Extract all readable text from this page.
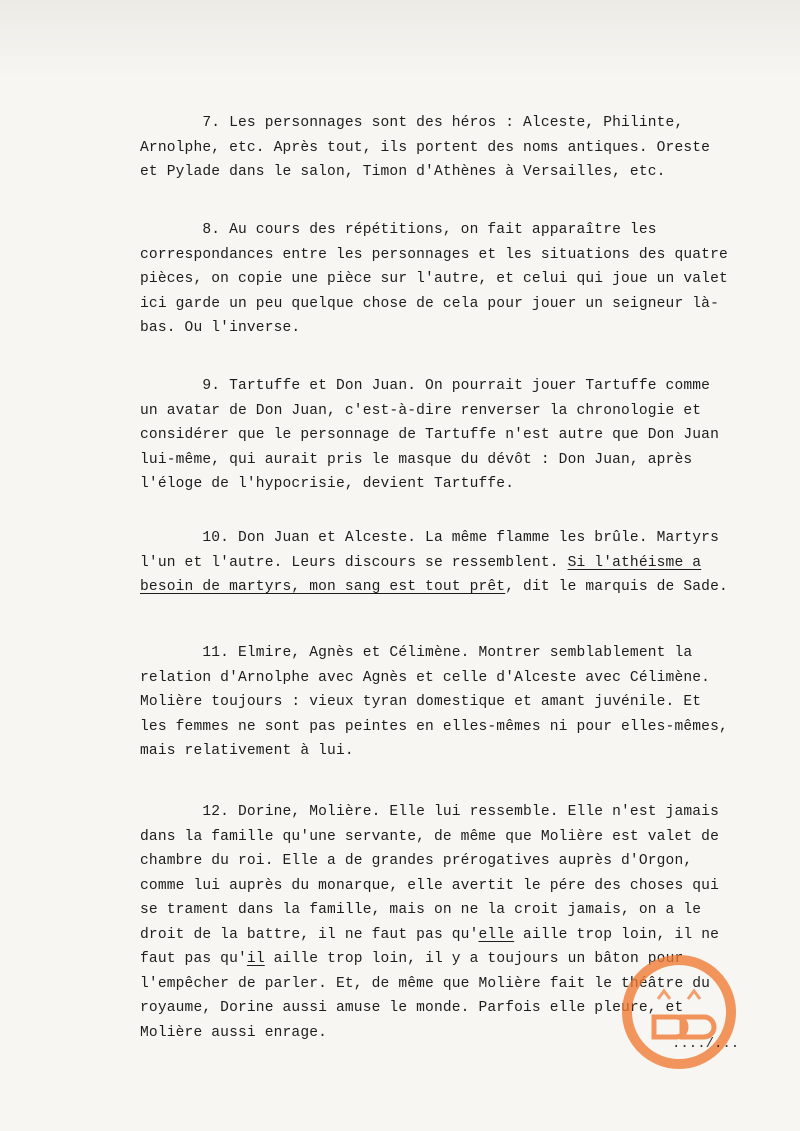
7. Les personnages sont des héros : Alceste, Philinte,
Arnolphe, etc. Après tout, ils portent des noms antiques. Oreste
et Pylade dans le salon, Timon d'Athènes à Versailles, etc.
8. Au cours des répétitions, on fait apparaître les
correspondances entre les personnages et les situations des quatre
pièces, on copie une pièce sur l'autre, et celui qui joue un valet
ici garde un peu quelque chose de cela pour jouer un seigneur là-
bas. Ou l'inverse.
9. Tartuffe et Don Juan. On pourrait jouer Tartuffe comme
un avatar de Don Juan, c'est-à-dire renverser la chronologie et
considérer que le personnage de Tartuffe n'est autre que Don Juan
lui-même, qui aurait pris le masque du dévôt : Don Juan, après
l'éloge de l'hypocrisie, devient Tartuffe.
10. Don Juan et Alceste. La même flamme les brûle. Martyrs
l'un et l'autre. Leurs discours se ressemblent. Si l'athéisme a
besoin de martyrs, mon sang est tout prêt, dit le marquis de Sade.
11. Elmire, Agnès et Célimène. Montrer semblablement la
relation d'Arnolphe avec Agnès et celle d'Alceste avec Célimène.
Molière toujours : vieux tyran domestique et amant juvénile. Et
les femmes ne sont pas peintes en elles-mêmes ni pour elles-mêmes,
mais relativement à lui.
12. Dorine, Molière. Elle lui ressemble. Elle n'est jamais
dans la famille qu'une servante, de même que Molière est valet de
chambre du roi. Elle a de grandes prérogatives auprès d'Orgon,
comme lui auprès du monarque, elle avertit le pére des choses qui
se trament dans la famille, mais on ne la croit jamais, on a le
droit de la battre, il ne faut pas qu'elle aille trop loin, il ne
faut pas qu'il aille trop loin, il y a toujours un bâton pour
l'empêcher de parler. Et, de même que Molière fait le théâtre du
royaume, Dorine aussi amuse le monde. Parfois elle pleure, et
Molière aussi enrage.
..../...
